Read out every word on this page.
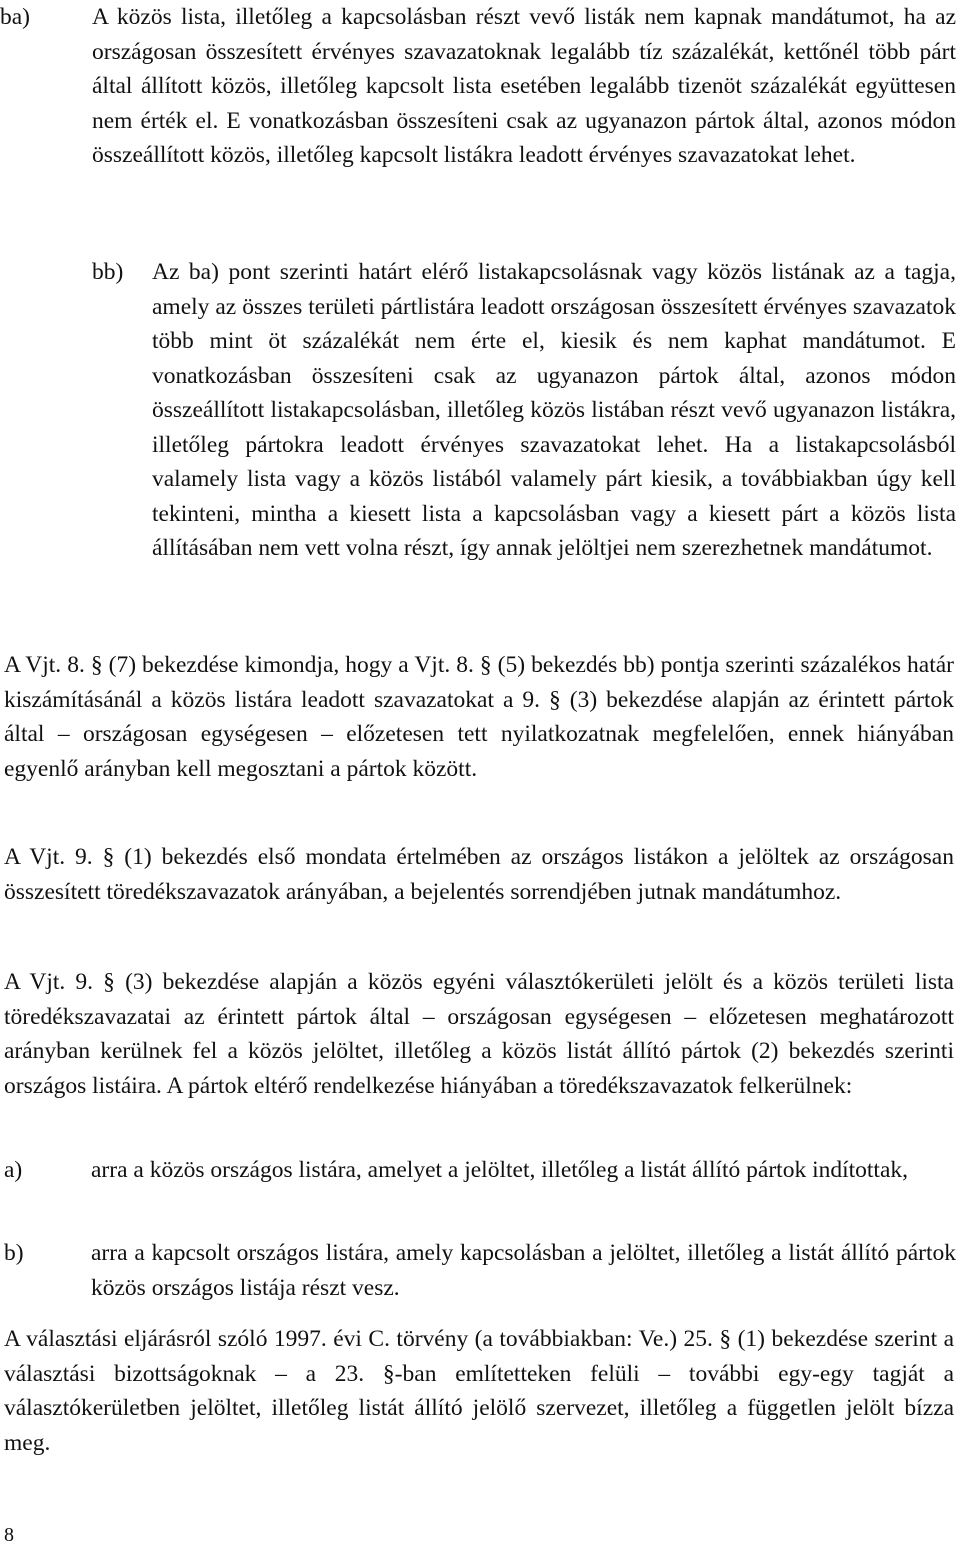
ba)	A közös lista, illetőleg a kapcsolásban részt vevő listák nem kapnak mandátumot, ha az országosan összesített érvényes szavazatoknak legalább tíz százalékát, kettőnél több párt által állított közös, illetőleg kapcsolt lista esetében legalább tizenöt százalékát együttesen nem érték el. E vonatkozásban összesíteni csak az ugyanazon pártok által, azonos módon összeállított közös, illetőleg kapcsolt listákra leadott érvényes szavazatokat lehet.
bb) Az ba) pont szerinti határt elérő listakapcsolásnak vagy közös listának az a tagja, amely az összes területi pártlistára leadott országosan összesített érvényes szavazatok több mint öt százalékát nem érte el, kiesik és nem kaphat mandátumot. E vonatkozásban összesíteni csak az ugyanazon pártok által, azonos módon összeállított listakapcsolásban, illetőleg közös listában részt vevő ugyanazon listákra, illetőleg pártokra leadott érvényes szavazatokat lehet. Ha a listakapcsolásból valamely lista vagy a közös listából valamely párt kiesik, a továbbiakban úgy kell tekinteni, mintha a kiesett lista a kapcsolásban vagy a kiesett párt a közös lista állításában nem vett volna részt, így annak jelöltjei nem szerezhetnek mandátumot.

A Vjt. 8. § (7) bekezdése kimondja, hogy a Vjt. 8. § (5) bekezdés bb) pontja szerinti százalékos határ kiszámításánál a közös listára leadott szavazatokat a 9. § (3) bekezdése alapján az érintett pártok által – országosan egységesen – előzetesen tett nyilatkozatnak megfelelően, ennek hiányában egyenlő arányban kell megosztani a pártok között.

A Vjt. 9. § (1) bekezdés első mondata értelmében az országos listákon a jelöltek az országosan összesített töredékszavazatok arányában, a bejelentés sorrendjében jutnak mandátumhoz.

A Vjt. 9. § (3) bekezdése alapján a közös egyéni választókerületi jelölt és a közös területi lista töredékszavazatai az érintett pártok által – országosan egységesen – előzetesen meghatározott arányban kerülnek fel a közös jelöltet, illetőleg a közös listát állító pártok (2) bekezdés szerinti országos listáira. A pártok eltérő rendelkezése hiányában a töredékszavazatok felkerülnek:

a)	arra a közös országos listára, amelyet a jelöltet, illetőleg a listát állító pártok indítottak,
b)	arra a kapcsolt országos listára, amely kapcsolásban a jelöltet, illetőleg a listát állító pártok közös országos listája részt vesz.

A választási eljárásról szóló 1997. évi C. törvény (a továbbiakban: Ve.) 25. § (1) bekezdése szerint a választási bizottságoknak – a 23. §-ban említetteken felüli – további egy-egy tagját a választókerületben jelöltet, illetőleg listát állító jelölő szervezet, illetőleg a független jelölt bízza meg.

8
